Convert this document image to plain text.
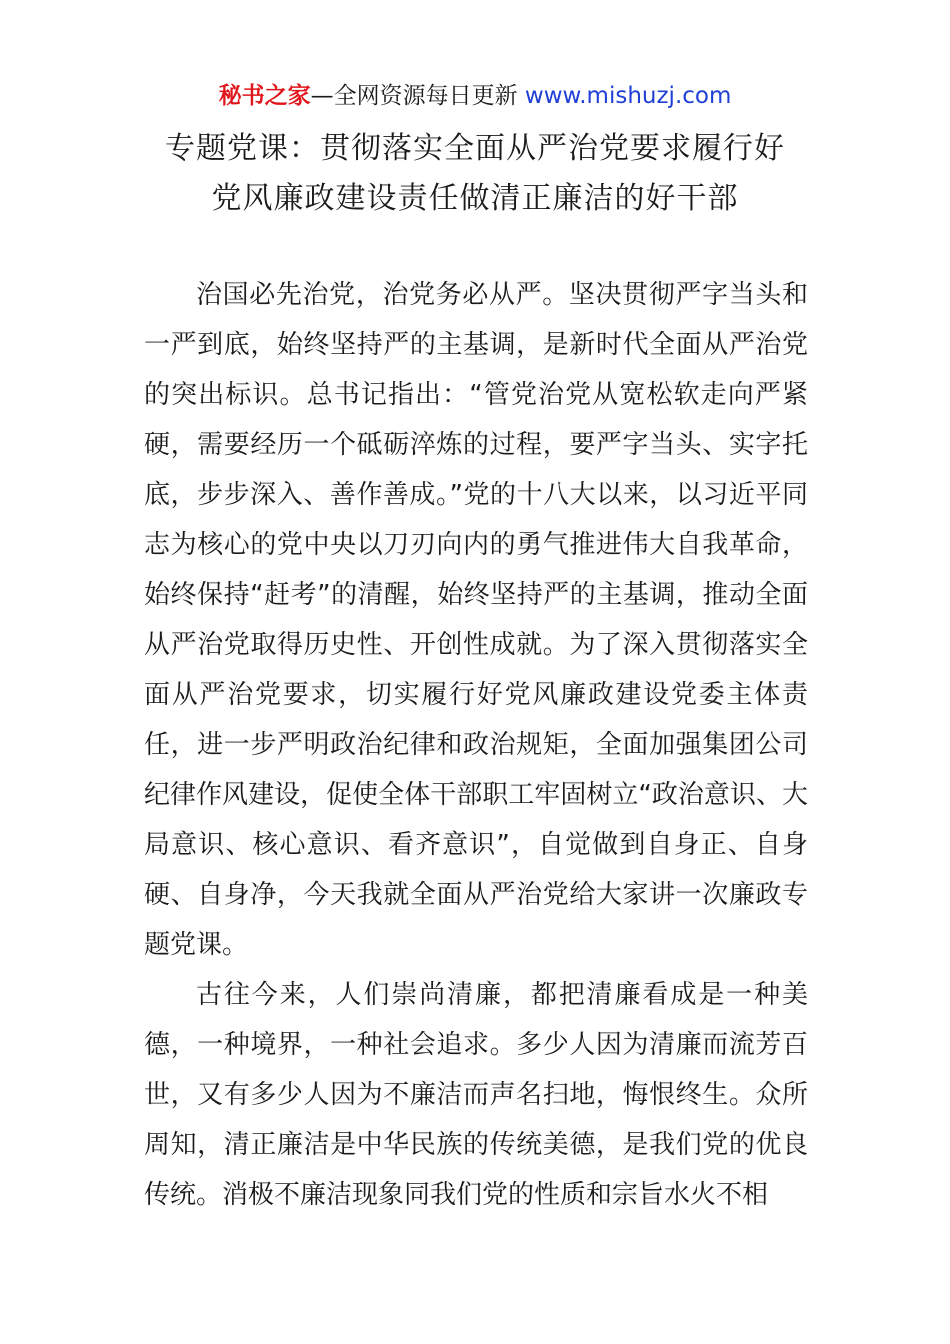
秘书之家—全网资源每日更新 www.mishuzj.com
专题党课：贯彻落实全面从严治党要求履行好
党风廉政建设责任做清正廉洁的好干部

治国必先治党，治党务必从严。坚决贯彻严字当头和一严到底，始终坚持严的主基调，是新时代全面从严治党的突出标识。总书记指出：“管党治党从宽松软走向严紧硬，需要经历一个砥砺淬炼的过程，要严字当头、实字托底，步步深入、善作善成。”党的十八大以来，以习近平同志为核心的党中央以刀刃向内的勇气推进伟大自我革命，始终保持“赶考”的清醒，始终坚持严的主基调，推动全面从严治党取得历史性、开创性成就。为了深入贯彻落实全面从严治党要求，切实履行好党风廉政建设党委主体责任，进一步严明政治纪律和政治规矩，全面加强集团公司纪律作风建设，促使全体干部职工牢固树立“政治意识、大局意识、核心意识、看齐意识”，自觉做到自身正、自身硬、自身净，今天我就全面从严治党给大家讲一次廉政专题党课。

古往今来，人们崇尚清廉，都把清廉看成是一种美德，一种境界，一种社会追求。多少人因为清廉而流芳百世，又有多少人因为不廉洁而声名扫地，悔恨终生。众所周知，清正廉洁是中华民族的传统美德，是我们党的优良传统。消极不廉洁现象同我们党的性质和宗旨水火不相
